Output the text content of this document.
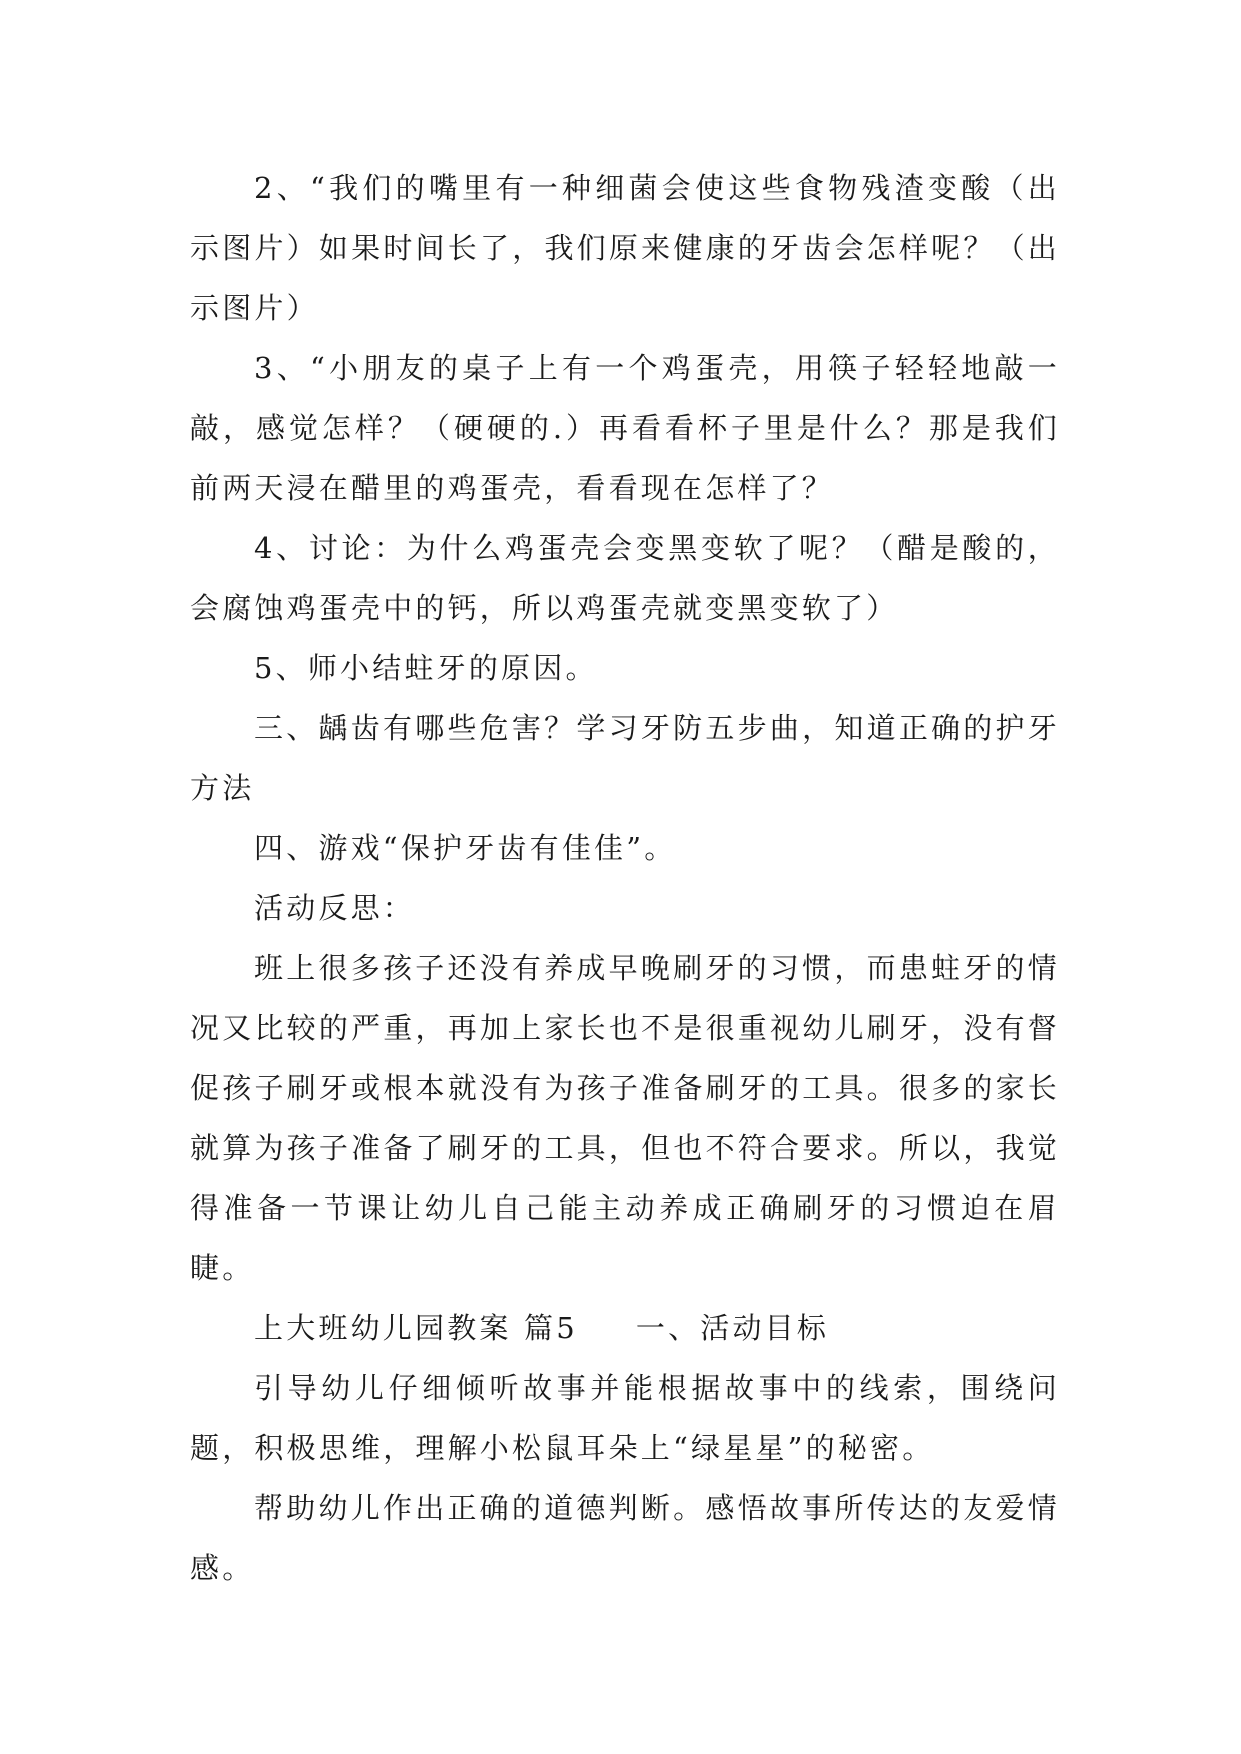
2、“我们的嘴里有一种细菌会使这些食物残渣变酸（出示图片）如果时间长了，我们原来健康的牙齿会怎样呢？（出示图片）

3、“小朋友的桌子上有一个鸡蛋壳，用筷子轻轻地敲一敲，感觉怎样？（硬硬的.）再看看杯子里是什么？那是我们前两天浸在醋里的鸡蛋壳，看看现在怎样了？

4、讨论：为什么鸡蛋壳会变黑变软了呢？（醋是酸的，会腐蚀鸡蛋壳中的钙，所以鸡蛋壳就变黑变软了）

5、师小结蛀牙的原因。

三、龋齿有哪些危害？学习牙防五步曲，知道正确的护牙方法

四、游戏“保护牙齿有佳佳”。

活动反思：

班上很多孩子还没有养成早晚刷牙的习惯，而患蛀牙的情况又比较的严重，再加上家长也不是很重视幼儿刷牙，没有督促孩子刷牙或根本就没有为孩子准备刷牙的工具。很多的家长就算为孩子准备了刷牙的工具，但也不符合要求。所以，我觉得准备一节课让幼儿自己能主动养成正确刷牙的习惯迫在眉睫。

上大班幼儿园教案 篇5 一、活动目标

引导幼儿仔细倾听故事并能根据故事中的线索，围绕问题，积极思维，理解小松鼠耳朵上“绿星星”的秘密。

帮助幼儿作出正确的道德判断。感悟故事所传达的友爱情感。
